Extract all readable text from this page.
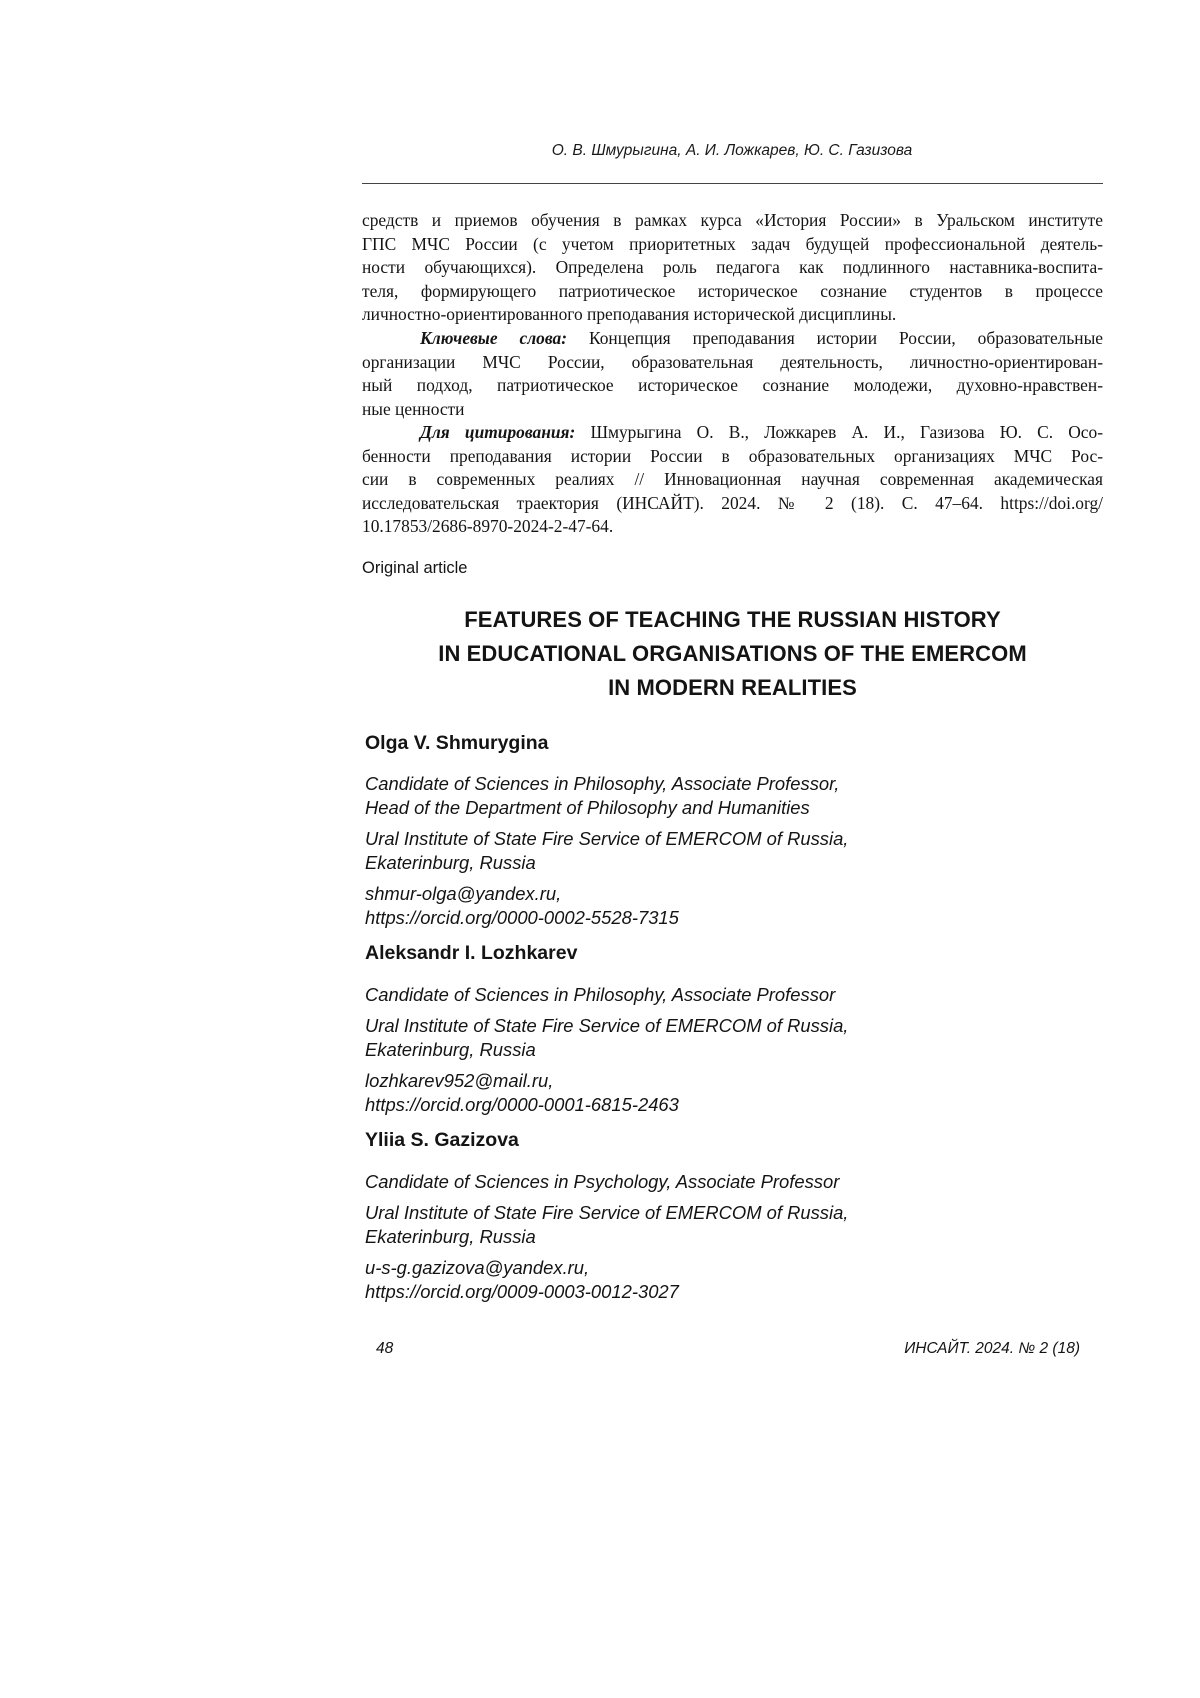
О. В. Шмурыгина, А. И. Ложкарев, Ю. С. Газизова

средств и приемов обучения в рамках курса «История России» в Уральском институте

ГПС МЧС России (с учетом приоритетных задач будущей профессиональной деятель-

ности обучающихся). Определена роль педагога как подлинного наставника-воспита-

теля, формирующего патриотическое историческое сознание студентов в процессе

личностно-ориентированного преподавания исторической дисциплины.

Ключевые слова: Концепция преподавания истории России, образовательные

организации МЧС России, образовательная деятельность, личностно-ориентирован-

ный подход, патриотическое историческое сознание молодежи, духовно-нравствен-

ные ценности

Для цитирования: Шмурыгина О. В., Ложкарев А. И., Газизова Ю. С. Осо-

бенности преподавания истории России в образовательных организациях МЧС Рос-

сии в современных реалиях // Инновационная научная современная академическая

исследовательская траектория (ИНСАЙТ). 2024. № 2 (18). С. 47–64. https://doi.org/

10.17853/2686-8970-2024-2-47-64.

Original article
FEATURES OF TEACHING THE RUSSIAN HISTORY
IN EDUCATIONAL ORGANISATIONS OF THE EMERCOM
IN MODERN REALITIES
Olga V. Shmurygina
Candidate of Sciences in Philosophy, Associate Professor,
Head of the Department of Philosophy and Humanities
Ural Institute of State Fire Service of EMERCOM of Russia,
Ekaterinburg, Russia
shmur-olga@yandex.ru,
https://orcid.org/0000-0002-5528-7315
Aleksandr I. Lozhkarev
Candidate of Sciences in Philosophy, Associate Professor
Ural Institute of State Fire Service of EMERCOM of Russia,
Ekaterinburg, Russia
lozhkarev952@mail.ru,
https://orcid.org/0000-0001-6815-2463
Yliia S. Gazizova
Candidate of Sciences in Psychology, Associate Professor
Ural Institute of State Fire Service of EMERCOM of Russia,
Ekaterinburg, Russia
u-s-g.gazizova@yandex.ru,
https://orcid.org/0009-0003-0012-3027
48	ИНСАЙТ. 2024. № 2 (18)
